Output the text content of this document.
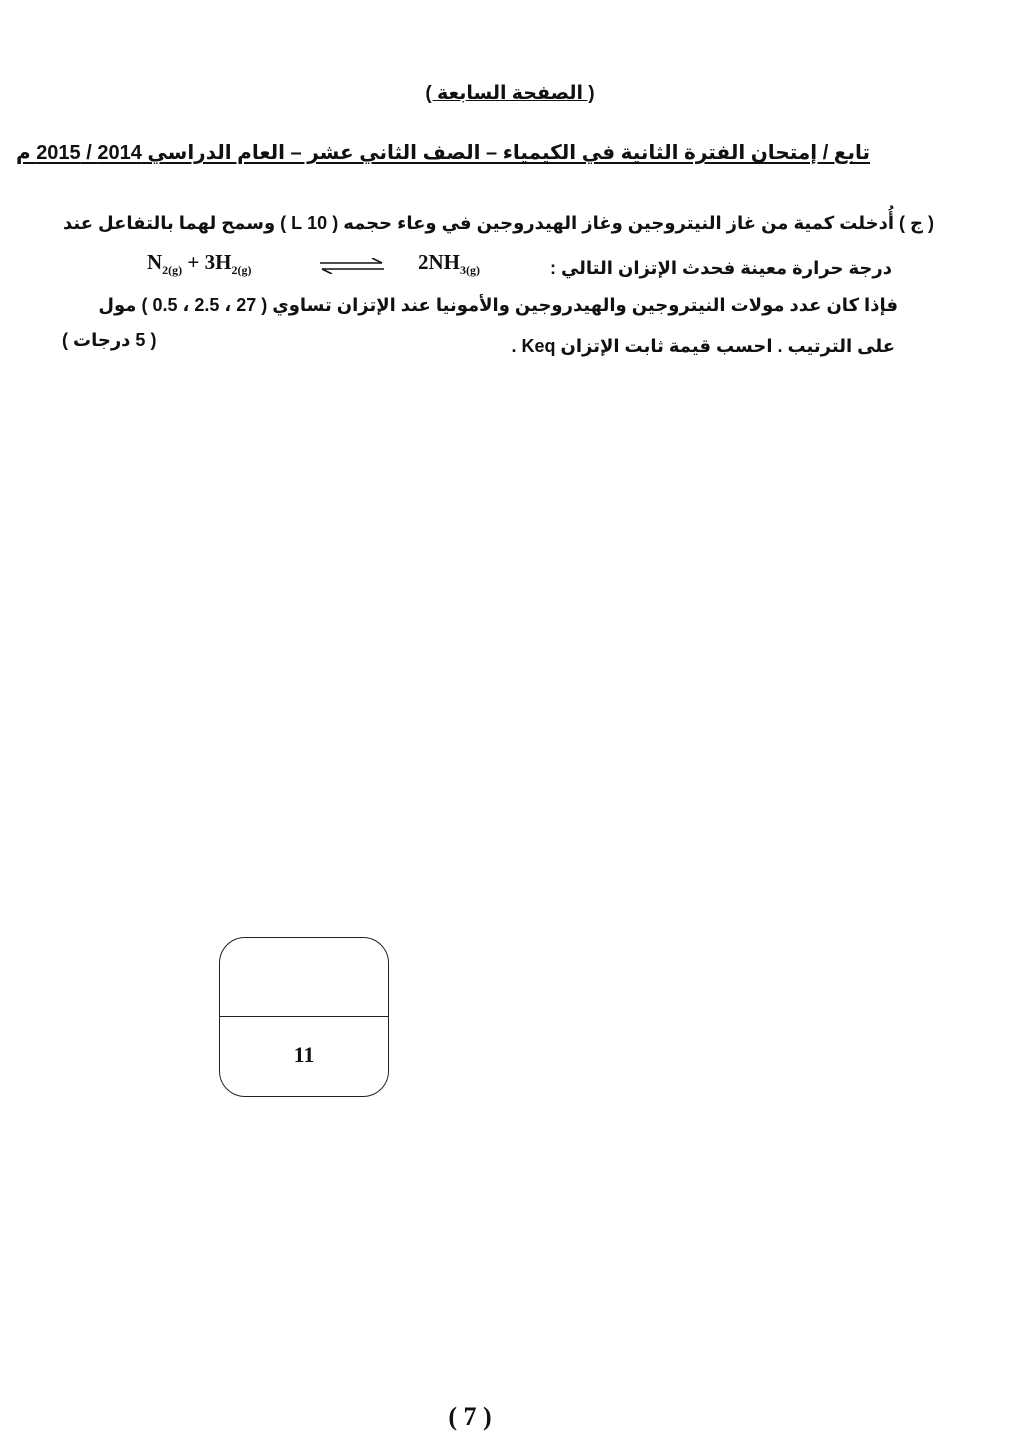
( الصفحة السابعة )
تابع / إمتحان الفترة الثانية في الكيمياء – الصف الثاني عشر – العام الدراسي 2014 / 2015 م
( ج ) أُدخلت كمية من غاز النيتروجين وغاز الهيدروجين في وعاء حجمه ( 10 L ) وسمح لهما بالتفاعل عند
درجة حرارة معينة فحدث الإتزان التالي :
$N_{2(g)} + 3H_{2(g)}$	$2NH_{3(g)}$
فإذا كان عدد مولات النيتروجين والهيدروجين والأمونيا عند الإتزان تساوي ( 27 ، 2.5 ، 0.5 ) مول
على الترتيب . احسب قيمة ثابت الإتزان Keq .
( 5 درجات )
11
( 7 )
